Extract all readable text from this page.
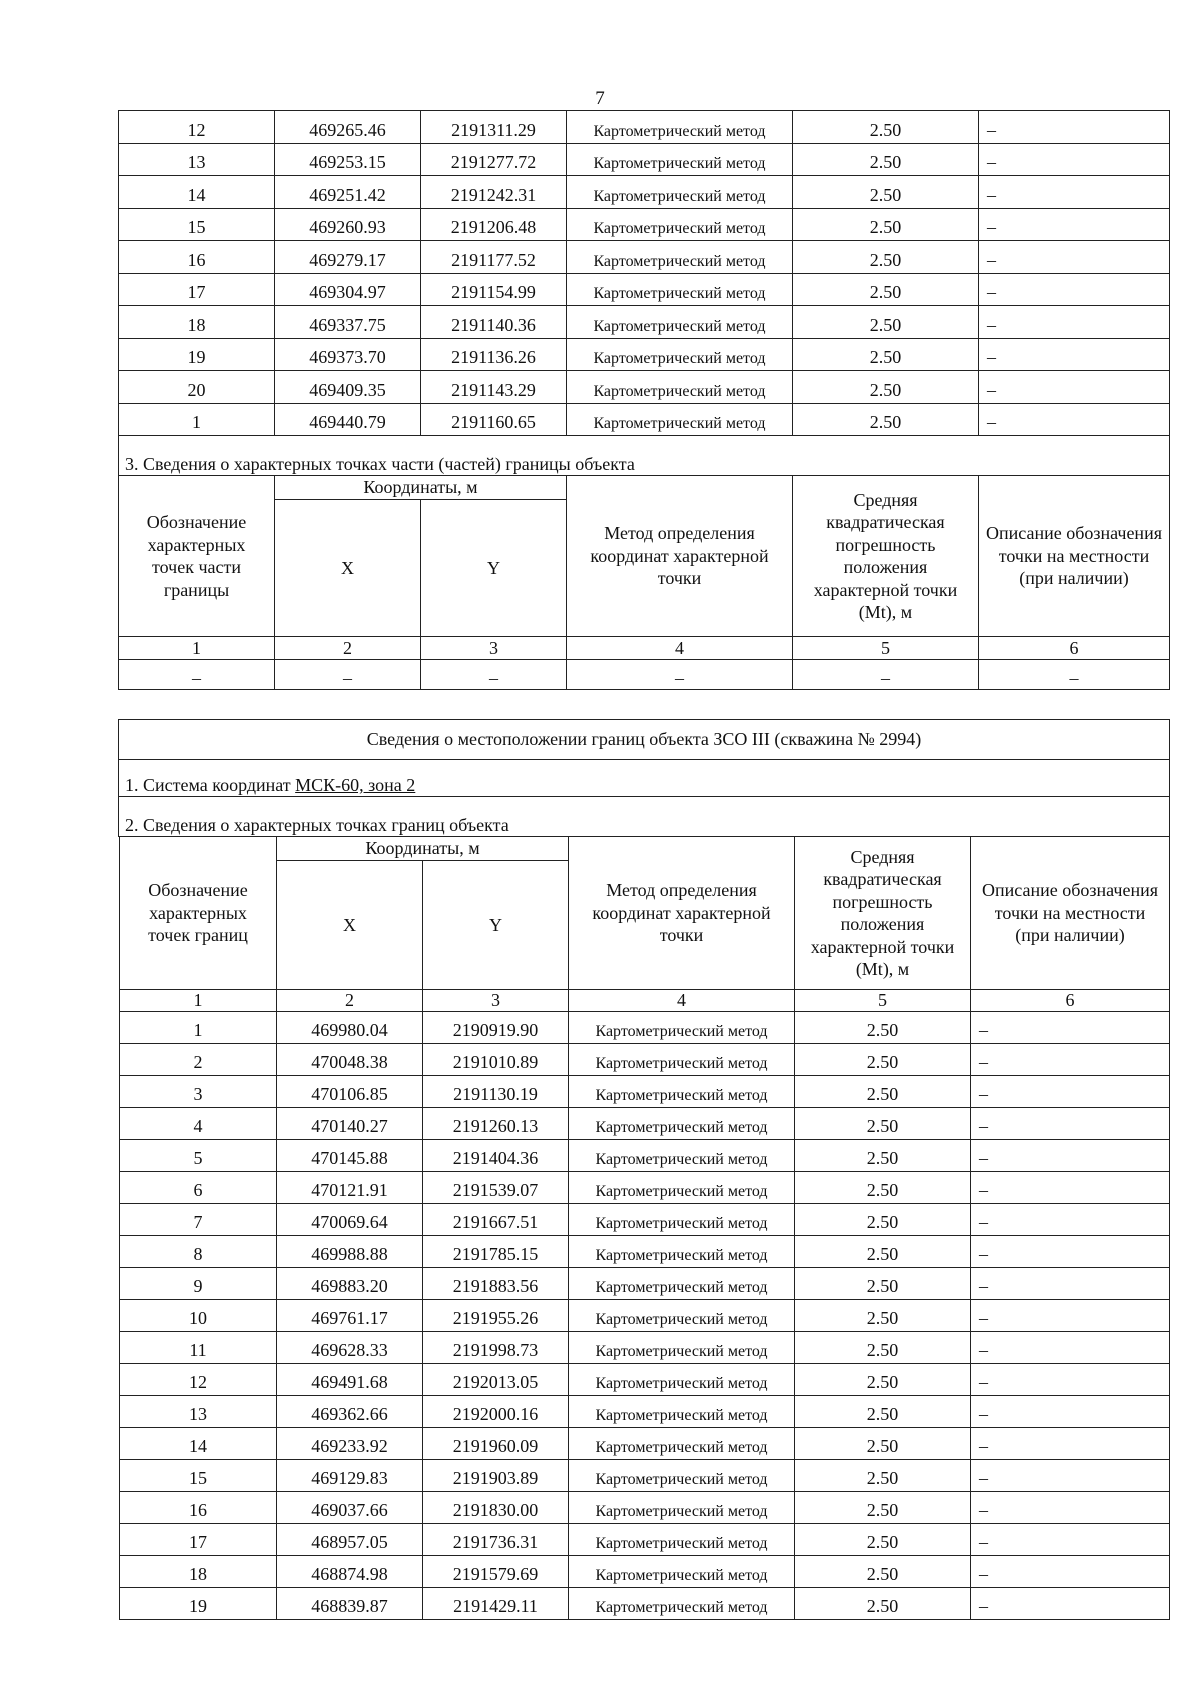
7
12	469265.46	2191311.29	Картометрический метод	2.50	–
13	469253.15	2191277.72	Картометрический метод	2.50	–
14	469251.42	2191242.31	Картометрический метод	2.50	–
15	469260.93	2191206.48	Картометрический метод	2.50	–
16	469279.17	2191177.52	Картометрический метод	2.50	–
17	469304.97	2191154.99	Картометрический метод	2.50	–
18	469337.75	2191140.36	Картометрический метод	2.50	–
19	469373.70	2191136.26	Картометрический метод	2.50	–
20	469409.35	2191143.29	Картометрический метод	2.50	–
1	469440.79	2191160.65	Картометрический метод	2.50	–
3. Сведения о характерных точках части (частей) границы объекта					
Обозначение характерных точек части границы	Координаты, м		Метод определения координат характерной точки	Средняя квадратическая погрешность положения характерной точки (Mt), м	Описание обозначения точки на местности (при наличии)
	X	Y			
1	2	3	4	5	6
–	–	–	–	–	–
Сведения о местоположении границ объекта ЗСО III (скважина № 2994)
1. Система координат МСК-60, зона 2
2. Сведения о характерных точках границ объекта
Обозначение характерных точек границ	Координаты, м		Метод определения координат характерной точки	Средняя квадратическая погрешность положения характерной точки (Mt), м	Описание обозначения точки на местности (при наличии)
	X	Y			
1	2	3	4	5	6
1	469980.04	2190919.90	Картометрический метод	2.50	–
2	470048.38	2191010.89	Картометрический метод	2.50	–
3	470106.85	2191130.19	Картометрический метод	2.50	–
4	470140.27	2191260.13	Картометрический метод	2.50	–
5	470145.88	2191404.36	Картометрический метод	2.50	–
6	470121.91	2191539.07	Картометрический метод	2.50	–
7	470069.64	2191667.51	Картометрический метод	2.50	–
8	469988.88	2191785.15	Картометрический метод	2.50	–
9	469883.20	2191883.56	Картометрический метод	2.50	–
10	469761.17	2191955.26	Картометрический метод	2.50	–
11	469628.33	2191998.73	Картометрический метод	2.50	–
12	469491.68	2192013.05	Картометрический метод	2.50	–
13	469362.66	2192000.16	Картометрический метод	2.50	–
14	469233.92	2191960.09	Картометрический метод	2.50	–
15	469129.83	2191903.89	Картометрический метод	2.50	–
16	469037.66	2191830.00	Картометрический метод	2.50	–
17	468957.05	2191736.31	Картометрический метод	2.50	–
18	468874.98	2191579.69	Картометрический метод	2.50	–
19	468839.87	2191429.11	Картометрический метод	2.50	–
